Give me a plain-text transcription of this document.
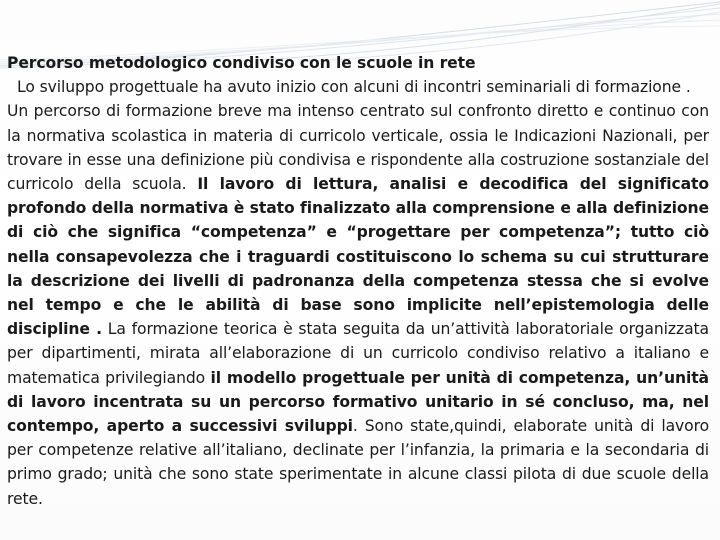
Percorso metodologico condiviso con le scuole in rete

Lo sviluppo progettuale ha avuto inizio con alcuni di incontri seminariali di formazione .

Un percorso di formazione breve ma intenso centrato sul confronto diretto e continuo con la normativa scolastica in materia di curricolo verticale, ossia le Indicazioni Nazionali, per trovare in esse una definizione più condivisa e rispondente alla costruzione sostanziale del curricolo della scuola. Il lavoro di lettura, analisi e decodifica del significato profondo della normativa è stato finalizzato alla comprensione e alla definizione di ciò che significa “competenza” e “progettare per competenza”; tutto ciò nella consapevolezza che i traguardi costituiscono lo schema su cui strutturare la descrizione dei livelli di padronanza della competenza stessa che si evolve nel tempo e che le abilità di base sono implicite nell’epistemologia delle discipline . La formazione teorica è stata seguita da un’attività laboratoriale organizzata per dipartimenti, mirata all’elaborazione di un curricolo condiviso relativo a italiano e matematica privilegiando il modello progettuale per unità di competenza, un’unità di lavoro incentrata su un percorso formativo unitario in sé concluso, ma, nel contempo, aperto a successivi sviluppi. Sono state,quindi, elaborate unità di lavoro per competenze relative all’italiano, declinate per l’infanzia, la primaria e la secondaria di primo grado; unità che sono state sperimentate in alcune classi pilota di due scuole della rete.
